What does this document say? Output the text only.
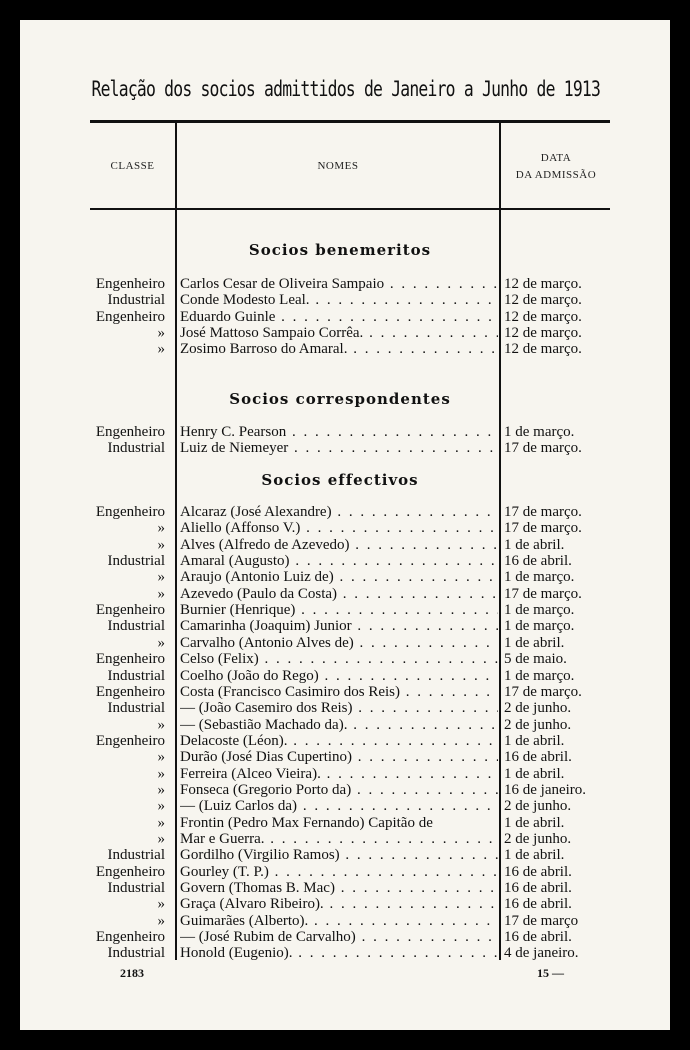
Relação dos socios admittidos de Janeiro a Junho de 1913
CLASSE	NOMES
DATA
DA ADMISSÃO
Socios benemeritos
Engenheiro Carlos Cesar de Oliveira Sampaio . . .	12 de março.
Industrial Conde Modesto Leal. . . .	12 de março.
Engenheiro Eduardo Guinle . . .	12 de março.
» José Mattoso Sampaio Corrêa. . . .	12 de março.
» Zosimo Barroso do Amaral. . . .	12 de março.
Socios correspondentes
Engenheiro Henry C. Pearson . . .	1 de março.
Industrial Luiz de Niemeyer . . .	17 de março.
Socios effectivos
Engenheiro Alcaraz (José Alexandre) . . .	17 de março.
» Aliello (Affonso V.) . . .	17 de março.
» Alves (Alfredo de Azevedo) . . .	1 de abril.
Industrial Amaral (Augusto) . . .	16 de abril.
» Araujo (Antonio Luiz de) . . .	1 de março.
» Azevedo (Paulo da Costa) . . .	17 de março.
Engenheiro Burnier (Henrique) . . .	1 de março.
Industrial Camarinha (Joaquim) Junior . . .	1 de março.
» Carvalho (Antonio Alves de) . . .	1 de abril.
Engenheiro Celso (Felix) . . .	5 de maio.
Industrial Coelho (João do Rego) . . .	1 de março.
Engenheiro Costa (Francisco Casimiro dos Reis) . . .	17 de março.
Industrial — (João Casemiro dos Reis) . . .	2 de junho.
» — (Sebastião Machado da). . . .	2 de junho.
Engenheiro Delacoste (Léon). . . .	1 de abril.
» Durão (José Dias Cupertino) . . .	16 de abril.
» Ferreira (Alceo Vieira). . . .	1 de abril.
» Fonseca (Gregorio Porto da) . . .	16 de janeiro.
» — (Luiz Carlos da) . . .	2 de junho.
» Frontin (Pedro Max Fernando) Capitão de	1 de abril.
» Mar e Guerra. . . .	2 de junho.
Industrial Gordilho (Virgilio Ramos) . . .	1 de abril.
Engenheiro Gourley (T. P.) . . .	16 de abril.
Industrial Govern (Thomas B. Mac) . . .	16 de abril.
» Graça (Alvaro Ribeiro). . . .	16 de abril.
» Guimarães (Alberto). . . .	17 de março
Engenheiro — (José Rubim de Carvalho) . . .	16 de abril.
Industrial Honold (Eugenio). . . .	4 de janeiro.
2183	15 —
